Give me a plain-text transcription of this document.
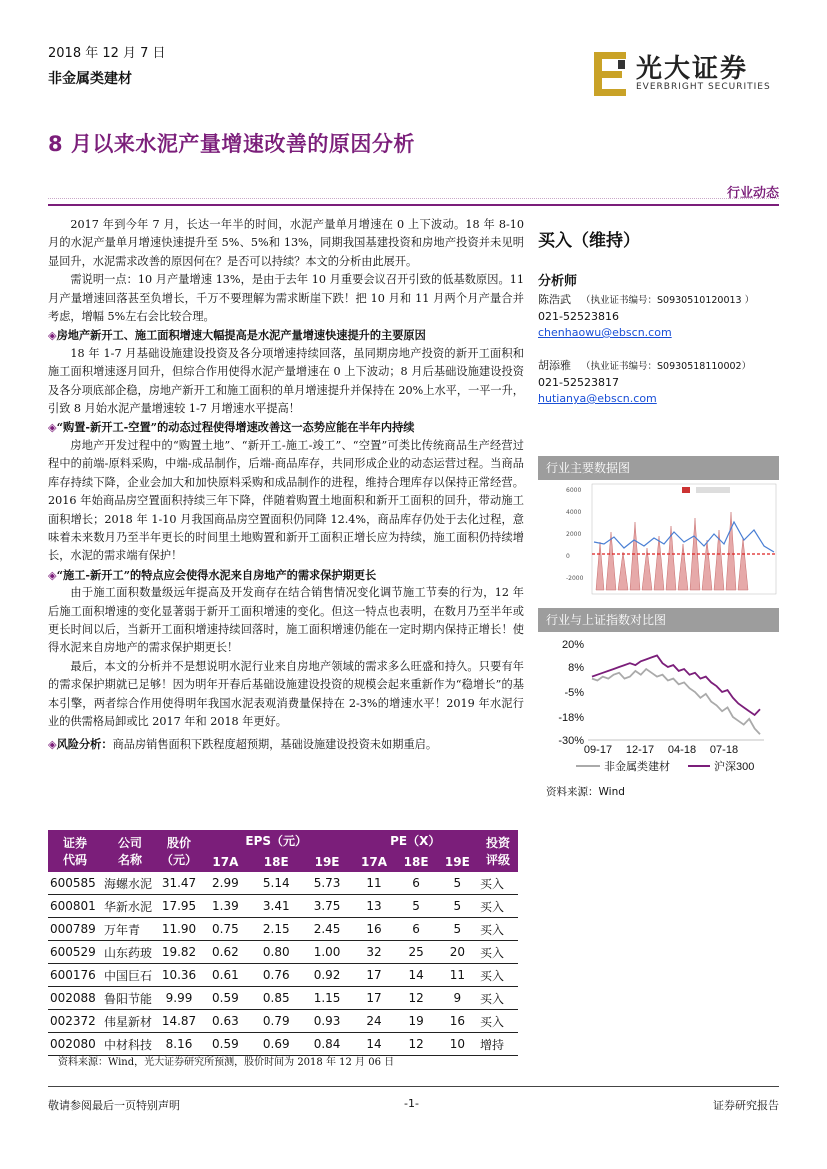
2018 年 12 月 7 日
非金属类建材	光大证券
EVERBRIGHT SECURITIES
8 月以来水泥产量增速改善的原因分析
行业动态

2017 年到今年 7 月，长达一年半的时间，水泥产量单月增速在 0 上下波动。18 年 8-10 月的水泥产量单月增速快速提升至 5%、5%和 13%，同期我国基建投资和房地产投资并未见明显回升，水泥需求改善的原因何在？是否可以持续？本文的分析由此展开。

需说明一点：10 月产量增速 13%，是由于去年 10 月重要会议召开引致的低基数原因。11 月产量增速回落甚至负增长，千万不要理解为需求断崖下跌！把 10 月和 11 月两个月产量合并考虑，增幅 5%左右会比较合理。

◈房地产新开工、施工面积增速大幅提高是水泥产量增速快速提升的主要原因

18 年 1-7 月基础设施建设投资及各分项增速持续回落，虽同期房地产投资的新开工面积和施工面积增速逐月回升，但综合作用使得水泥产量增速在 0 上下波动；8 月后基础设施建设投资及各分项底部企稳，房地产新开工和施工面积的单月增速提升并保持在 20%上水平，一平一升，引致 8 月始水泥产量增速较 1-7 月增速水平提高！

◈“购置-新开工-空置”的动态过程使得增速改善这一态势应能在半年内持续

房地产开发过程中的“购置土地”、“新开工-施工-竣工”、“空置”可类比传统商品生产经营过程中的前端-原料采购，中端-成品制作，后端-商品库存，共同形成企业的动态运营过程。当商品库存持续下降，企业会加大和加快原料采购和成品制作的进程，维持合理库存以保持正常经营。2016 年始商品房空置面积持续三年下降，伴随着购置土地面积和新开工面积的回升，带动施工面积增长；2018 年 1-10 月我国商品房空置面积仍同降 12.4%，商品库存仍处于去化过程，意味着未来数月乃至半年更长的时间里土地购置和新开工面积正增长应为持续，施工面积仍持续增长，水泥的需求端有保护！

◈“施工-新开工”的特点应会使得水泥来自房地产的需求保护期更长

由于施工面积数量级远年提高及开发商存在结合销售情况变化调节施工节奏的行为，12 年后施工面积增速的变化显著弱于新开工面积增速的变化。但这一特点也表明，在数月乃至半年或更长时间以后，当新开工面积增速持续回落时，施工面积增速仍能在一定时期内保持正增长！使得水泥来自房地产的需求保护期更长！

最后，本文的分析并不是想说明水泥行业来自房地产领域的需求多么旺盛和持久。只要有年的需求保护期就已足够！因为明年开春后基础设施建设投资的规模会起来重新作为“稳增长”的基本引擎，两者综合作用使得明年我国水泥表观消费量保持在 2-3%的增速水平！2019 年水泥行业的供需格局卸或比 2017 年和 2018 年更好。

◈风险分析：商品房销售面积下跌程度超预期，基础设施建设投资未如期重启。
买入（维持）
分析师
陈浩武 （执业证书编号：S0930510120013 ）
021-52523816
chenhaowu@ebscn.com
胡添雅 （执业证书编号：S0930518110002）
021-52523817
hutianya@ebscn.com
行业主要数据图
6000
4000
2000
0
-2000
行业与上证指数对比图
20%
8%
-5%
-18%
-30%
09-17 12-17 04-18 07-18
非金属类建材	沪深300
资料来源：Wind
证券
代码	公司
名称	股价
（元）	EPS（元）			PE（X）			投资
评级
			17A	18E	19E	17A	18E	19E	
600585	海螺水泥	31.47	2.99	5.14	5.73	11	6	5	买入
600801	华新水泥	17.95	1.39	3.41	3.75	13	5	5	买入
000789	万年青	11.90	0.75	2.15	2.45	16	6	5	买入
600529	山东药玻	19.82	0.62	0.80	1.00	32	25	20	买入
600176	中国巨石	10.36	0.61	0.76	0.92	17	14	11	买入
002088	鲁阳节能	9.99	0.59	0.85	1.15	17	12	9	买入
002372	伟星新材	14.87	0.63	0.79	0.93	24	19	16	买入
002080	中材科技	8.16	0.59	0.69	0.84	14	12	10	增持
资料来源：Wind，光大证券研究所预测，股价时间为 2018 年 12 月 06 日
敬请参阅最后一页特别声明	-1-	证券研究报告
